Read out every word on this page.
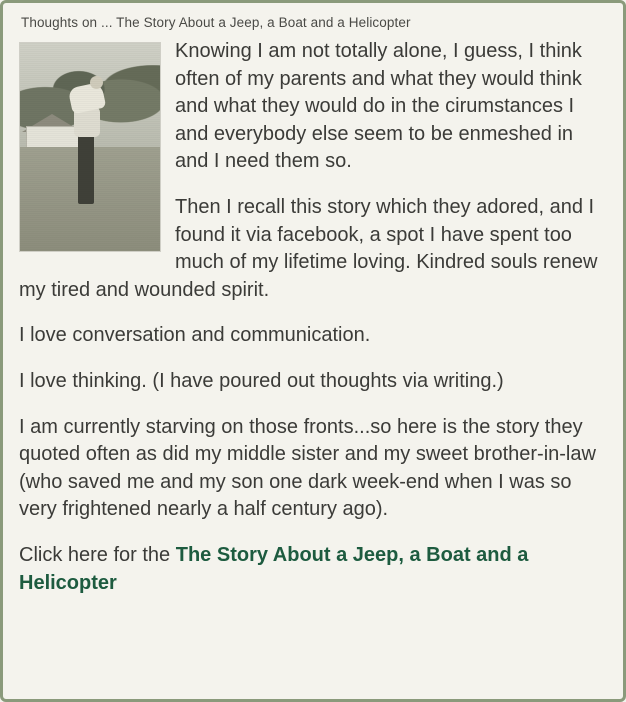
Thoughts on ... The Story About a Jeep, a Boat and a Helicopter

Knowing I am not totally alone, I guess, I think often of my parents and what they would think and what they would do in the cirumstances I and everybody else seem to be enmeshed in and I need them so.

Then I recall this story which they adored, and I found it via facebook, a spot I have spent too much of my lifetime loving. Kindred souls renew my tired and wounded spirit.

I love conversation and communication.

I love thinking. (I have poured out thoughts via writing.)

I am currently starving on those fronts...so here is the story they quoted often as did my middle sister and my sweet brother-in-law (who saved me and my son one dark week-end when I was so very frightened nearly a half century ago).

Click here for the The Story About a Jeep, a Boat and a Helicopter
